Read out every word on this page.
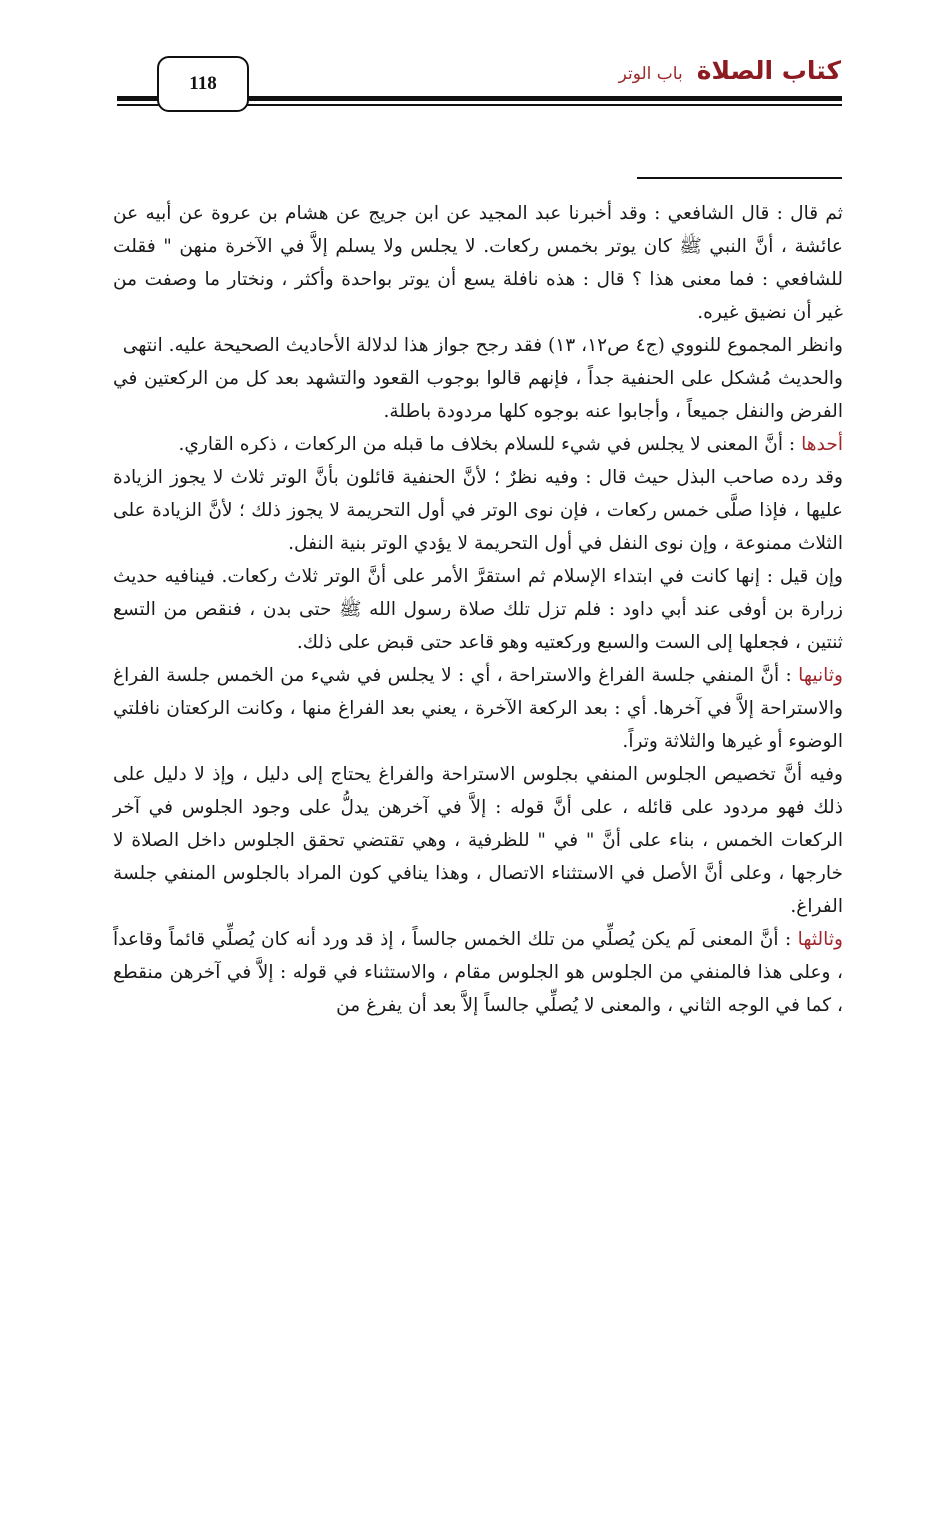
118	كتاب الصلاة
باب الوتر

ثم قال : قال الشافعي : وقد أخبرنا عبد المجيد عن ابن جريج عن هشام بن عروة عن أبيه عن عائشة ، أنَّ النبي ﷺ كان يوتر بخمس ركعات. لا يجلس ولا يسلم إلاَّ في الآخرة منهن " فقلت للشافعي : فما معنى هذا ؟ قال : هذه نافلة يسع أن يوتر بواحدة وأكثر ، ونختار ما وصفت من غير أن نضيق غيره.

وانظر المجموع للنووي (ج٤ ص١٢، ١٣) فقد رجح جواز هذا لدلالة الأحاديث الصحيحة عليه. انتهى

والحديث مُشكل على الحنفية جداً ، فإنهم قالوا بوجوب القعود والتشهد بعد كل من الركعتين في الفرض والنفل جميعاً ، وأجابوا عنه بوجوه كلها مردودة باطلة.

أحدها : أنَّ المعنى لا يجلس في شيء للسلام بخلاف ما قبله من الركعات ، ذكره القاري.

وقد رده صاحب البذل حيث قال : وفيه نظرٌ ؛ لأنَّ الحنفية قائلون بأنَّ الوتر ثلاث لا يجوز الزيادة عليها ، فإذا صلَّى خمس ركعات ، فإن نوى الوتر في أول التحريمة لا يجوز ذلك ؛ لأنَّ الزيادة على الثلاث ممنوعة ، وإن نوى النفل في أول التحريمة لا يؤدي الوتر بنية النفل.

وإن قيل : إنها كانت في ابتداء الإسلام ثم استقرَّ الأمر على أنَّ الوتر ثلاث ركعات. فينافيه حديث زرارة بن أوفى عند أبي داود : فلم تزل تلك صلاة رسول الله ﷺ حتى بدن ، فنقص من التسع ثنتين ، فجعلها إلى الست والسبع وركعتيه وهو قاعد حتى قبض على ذلك.

وثانيها : أنَّ المنفي جلسة الفراغ والاستراحة ، أي : لا يجلس في شيء من الخمس جلسة الفراغ والاستراحة إلاَّ في آخرها. أي : بعد الركعة الآخرة ، يعني بعد الفراغ منها ، وكانت الركعتان نافلتي الوضوء أو غيرها والثلاثة وتراً.

وفيه أنَّ تخصيص الجلوس المنفي بجلوس الاستراحة والفراغ يحتاج إلى دليل ، وإذ لا دليل على ذلك فهو مردود على قائله ، على أنَّ قوله : إلاَّ في آخرهن يدلُّ على وجود الجلوس في آخر الركعات الخمس ، بناء على أنَّ " في " للظرفية ، وهي تقتضي تحقق الجلوس داخل الصلاة لا خارجها ، وعلى أنَّ الأصل في الاستثناء الاتصال ، وهذا ينافي كون المراد بالجلوس المنفي جلسة الفراغ.

وثالثها : أنَّ المعنى لَم يكن يُصلِّي من تلك الخمس جالساً ، إذ قد ورد أنه كان يُصلِّي قائماً وقاعداً ، وعلى هذا فالمنفي من الجلوس هو الجلوس مقام ، والاستثناء في قوله : إلاَّ في آخرهن منقطع ، كما في الوجه الثاني ، والمعنى لا يُصلِّي جالساً إلاَّ بعد أن يفرغ من
